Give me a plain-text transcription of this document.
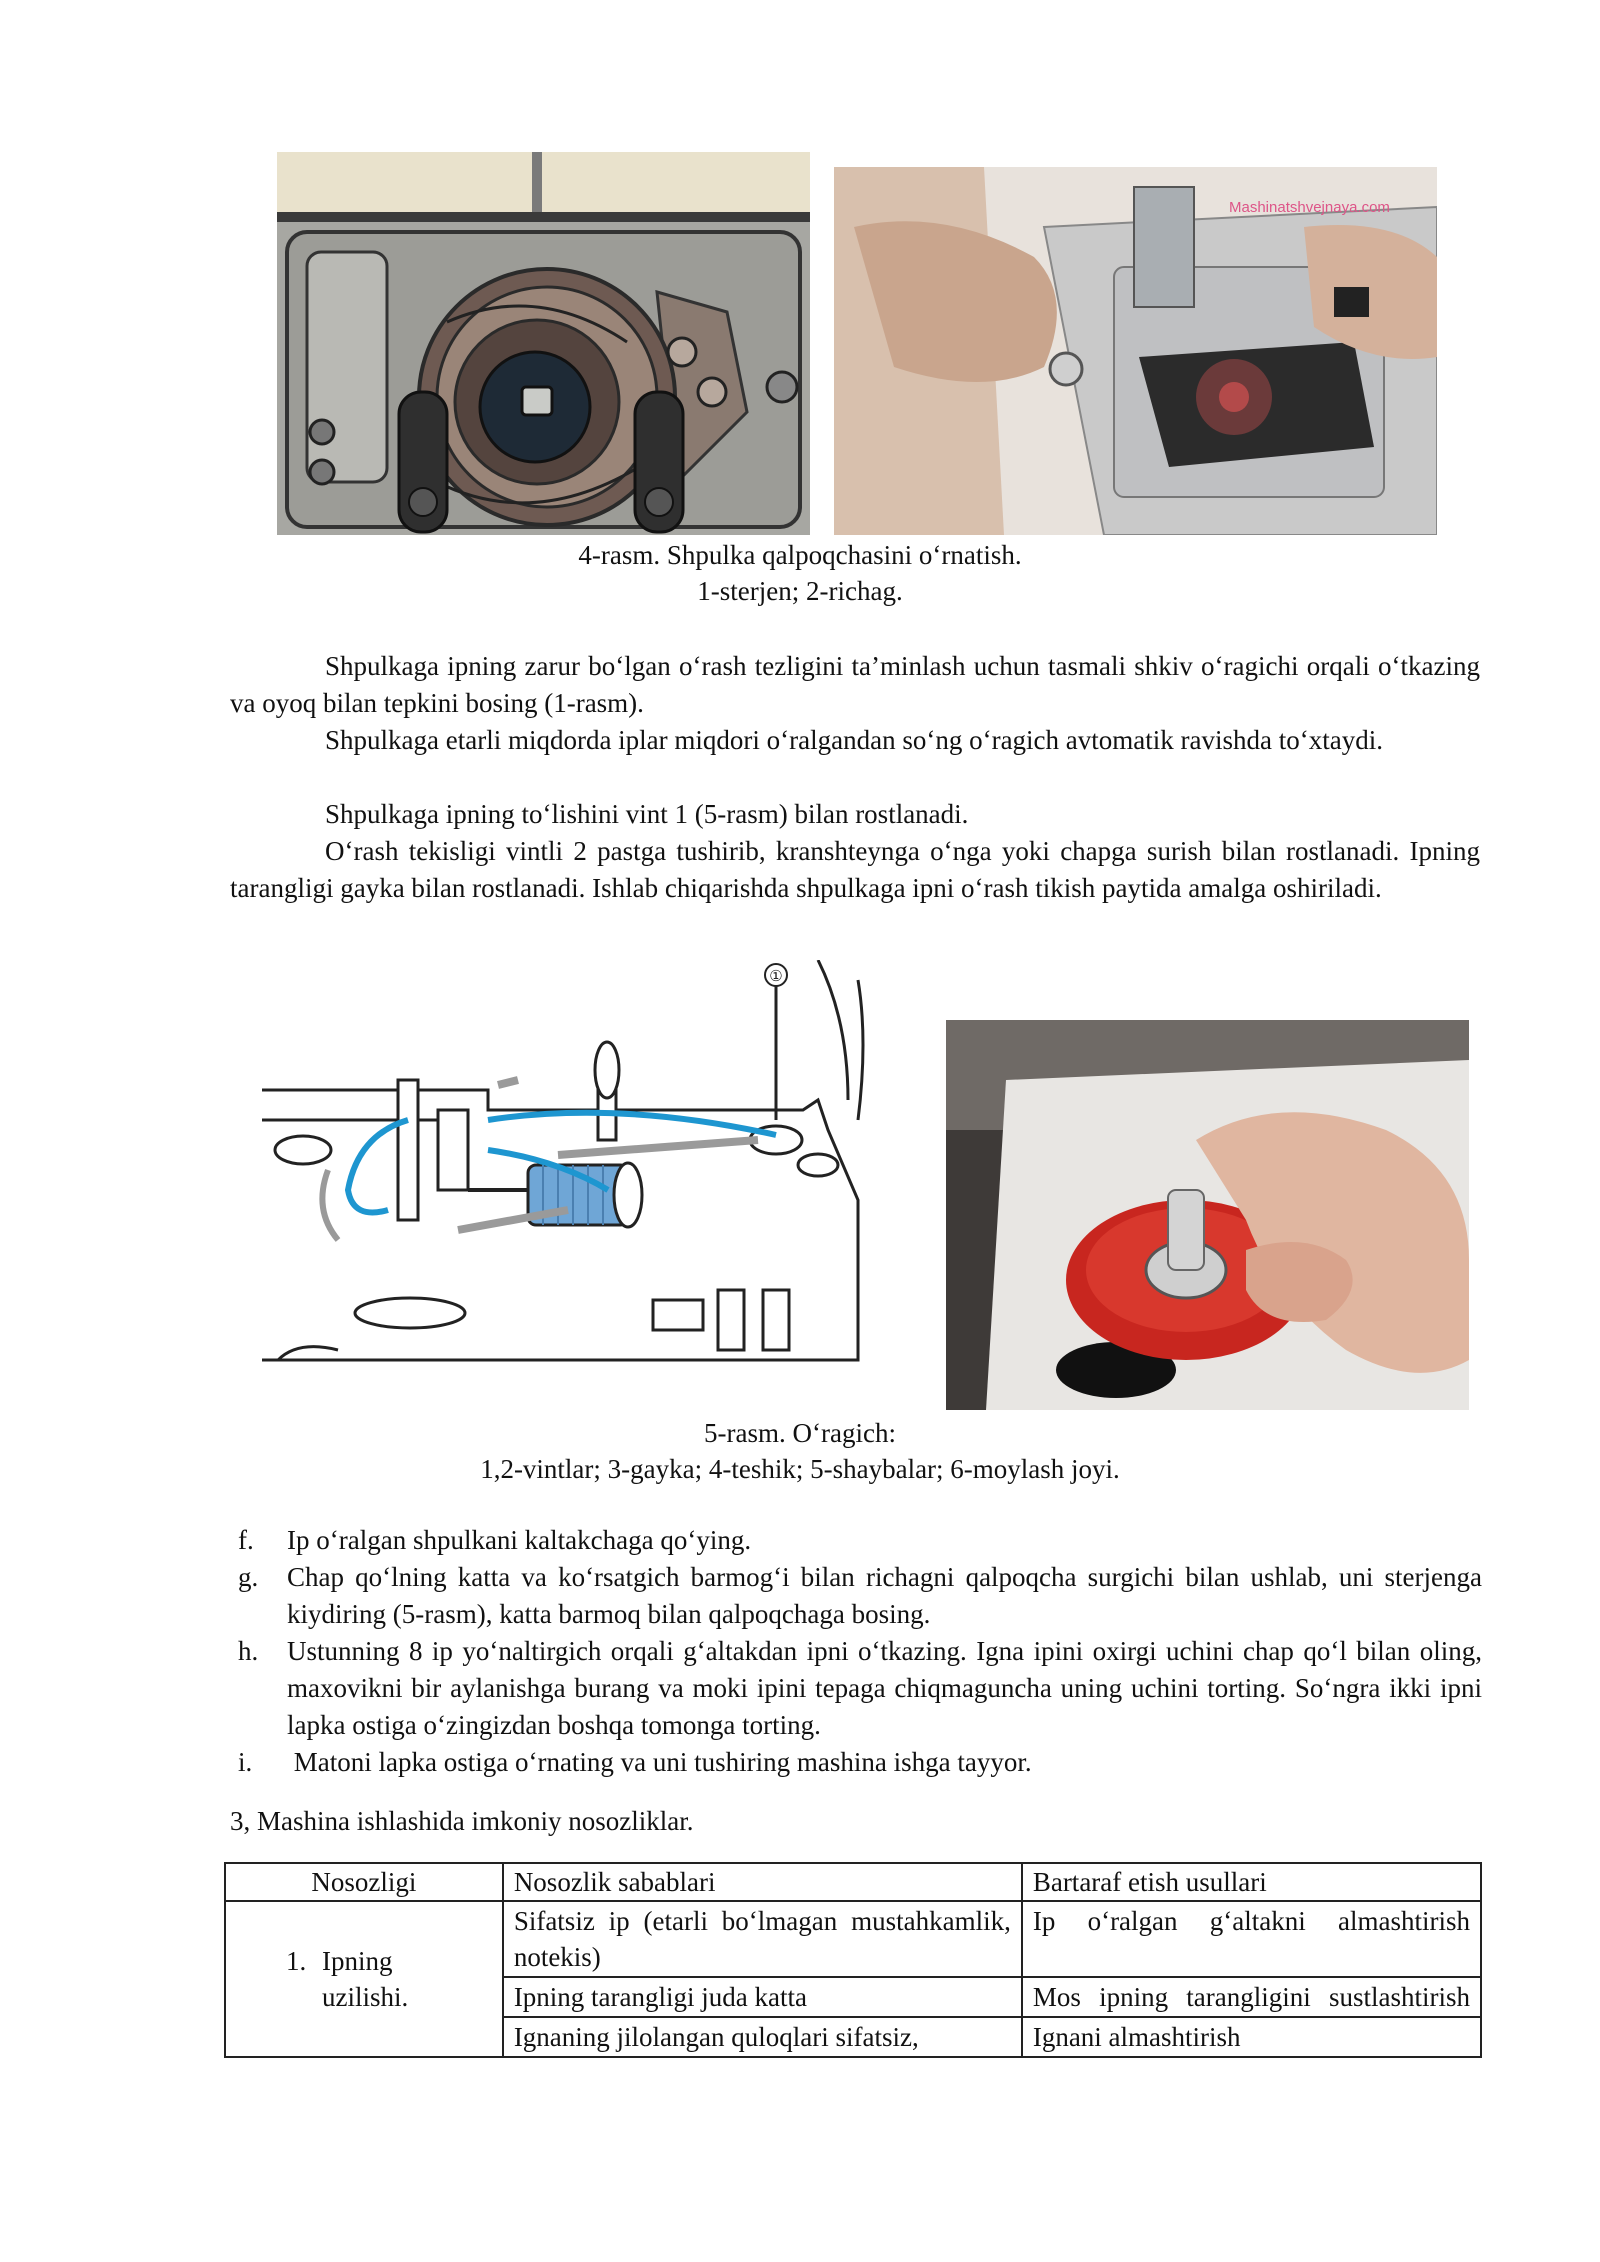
Mashinatshvejnaya.com
4-rasm. Shpulka qalpoqchasini o‘rnatish.
1-sterjen; 2-richag.
Shpulkaga ipning zarur bo‘lgan o‘rash tezligini ta’minlash uchun tasmali shkiv o‘ragichi orqali o‘tkazing va oyoq bilan tepkini bosing (1-rasm).
Shpulkaga etarli miqdorda iplar miqdori o‘ralgandan so‘ng o‘ragich avtomatik ravishda to‘xtaydi.
Shpulkaga ipning to‘lishini vint 1 (5-rasm) bilan rostlanadi.
O‘rash tekisligi vintli 2 pastga tushirib, kranshteynga o‘nga yoki chapga surish bilan rostlanadi. Ipning tarangligi gayka bilan rostlanadi. Ishlab chiqarishda shpulkaga ipni o‘rash tikish paytida amalga oshiriladi.
①
5-rasm. O‘ragich:
1,2-vintlar; 3-gayka; 4-teshik; 5-shaybalar; 6-moylash joyi.
f. Ip o‘ralgan shpulkani kaltakchaga qo‘ying.
g. Chap qo‘lning katta va ko‘rsatgich barmog‘i bilan richagni qalpoqcha surgichi bilan ushlab, uni sterjenga kiydiring (5-rasm), katta barmoq bilan qalpoqchaga bosing.
h. Ustunning 8 ip yo‘naltirgich orqali g‘altakdan ipni o‘tkazing. Igna ipini oxirgi uchini chap qo‘l bilan oling, maxovikni bir aylanishga burang va moki ipini tepaga chiqmaguncha uning uchini torting. So‘ngra ikki ipni lapka ostiga o‘zingizdan boshqa tomonga torting.
i. Matoni lapka ostiga o‘rnating va uni tushiring mashina ishga tayyor.
3, Mashina ishlashida imkoniy nosozliklar.
Nosozligi	Nosozlik sabablari	Bartaraf etish usullari

1. Ipning uzilishi.	Sifatsiz ip (etarli bo‘lmagan mustahkamlik, notekis)	Ip o‘ralgan g‘altakni almashtirish
	Ipning tarangligi juda katta	Mos ipning tarangligini sustlashtirish
	Ignaning jilolangan quloqlari sifatsiz,	Ignani almashtirish
